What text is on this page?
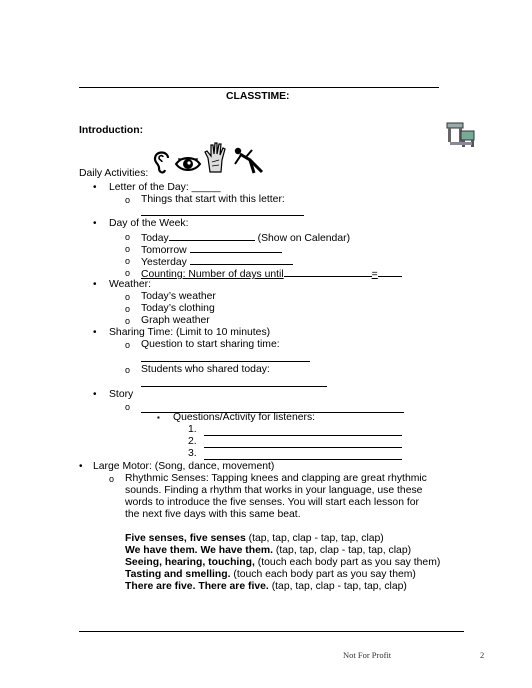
CLASSTIME:
Introduction:
Daily Activities:
• Letter of the Day: _____
o Things that start with this letter:
• Day of the Week:
o Today	(Show on Calendar)
o Tomorrow
o Yesterday
o Counting: Number of days until	=
• Weather:
o Today’s weather
o Today’s clothing
o Graph weather
• Sharing Time: (Limit to 10 minutes)
o Question to start sharing time:
o Students who shared today:
• Story
o
▪ Questions/Activity for listeners:
1.
2.
3.
• Large Motor: (Song, dance, movement)
o Rhythmic Senses: Tapping knees and clapping are great rhythmic
sounds. Finding a rhythm that works in your language, use these
words to introduce the five senses. You will start each lesson for
the next five days with this same beat.
Five senses, five senses (tap, tap, clap - tap, tap, clap)
We have them. We have them. (tap, tap, clap - tap, tap, clap)
Seeing, hearing, touching, (touch each body part as you say them)
Tasting and smelling. (touch each body part as you say them)
There are five. There are five. (tap, tap, clap - tap, tap, clap)
Not For Profit	2
